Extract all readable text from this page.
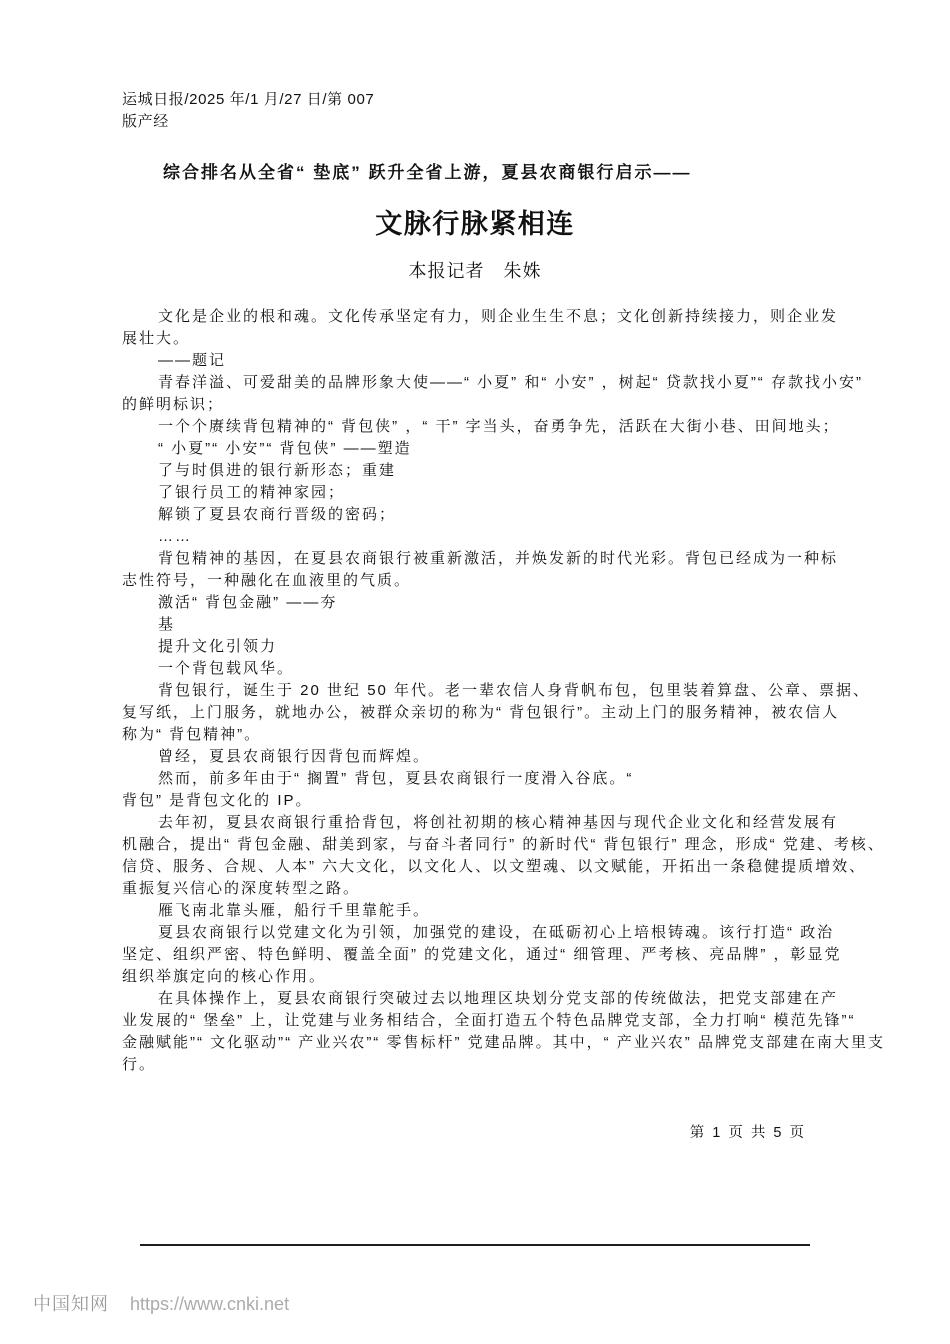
运城日报/2025 年/1 月/27 日/第 007
版产经
综合排名从全省“ 垫底” 跃升全省上游，夏县农商银行启示——
文脉行脉紧相连
本报记者　朱姝
文化是企业的根和魂。文化传承坚定有力，则企业生生不息；文化创新持续接力，则企业发
展壮大。
——题记
青春洋溢、可爱甜美的品牌形象大使——“ 小夏” 和“ 小安” ，树起“ 贷款找小夏”“ 存款找小安”
的鲜明标识；
一个个赓续背包精神的“ 背包侠” ，“ 干” 字当头，奋勇争先，活跃在大街小巷、田间地头；
“ 小夏”“ 小安”“ 背包侠” ——塑造
了与时俱进的银行新形态；重建
了银行员工的精神家园；
解锁了夏县农商行晋级的密码；
……
背包精神的基因，在夏县农商银行被重新激活，并焕发新的时代光彩。背包已经成为一种标
志性符号，一种融化在血液里的气质。
激活“ 背包金融” ——夯
基
提升文化引领力
一个背包载风华。
背包银行，诞生于 20 世纪 50 年代。老一辈农信人身背帆布包，包里装着算盘、公章、票据、
复写纸，上门服务，就地办公，被群众亲切的称为“ 背包银行”。主动上门的服务精神，被农信人
称为“ 背包精神”。
曾经，夏县农商银行因背包而辉煌。
然而，前多年由于“ 搁置” 背包，夏县农商银行一度滑入谷底。“
背包” 是背包文化的 IP。
去年初，夏县农商银行重拾背包，将创社初期的核心精神基因与现代企业文化和经营发展有
机融合，提出“ 背包金融、甜美到家，与奋斗者同行” 的新时代“ 背包银行” 理念，形成“ 党建、考核、
信贷、服务、合规、人本” 六大文化，以文化人、以文塑魂、以文赋能，开拓出一条稳健提质增效、
重振复兴信心的深度转型之路。
雁飞南北靠头雁，船行千里靠舵手。
夏县农商银行以党建文化为引领，加强党的建设，在砥砺初心上培根铸魂。该行打造“ 政治
坚定、组织严密、特色鲜明、覆盖全面” 的党建文化，通过“ 细管理、严考核、亮品牌” ，彰显党
组织举旗定向的核心作用。
在具体操作上，夏县农商银行突破过去以地理区块划分党支部的传统做法，把党支部建在产
业发展的“ 堡垒” 上，让党建与业务相结合，全面打造五个特色品牌党支部，全力打响“ 模范先锋”“
金融赋能”“ 文化驱动”“ 产业兴农”“ 零售标杆” 党建品牌。其中，“ 产业兴农” 品牌党支部建在南大里支
行。
第 1 页 共 5 页
中国知网 https://www.cnki.net
